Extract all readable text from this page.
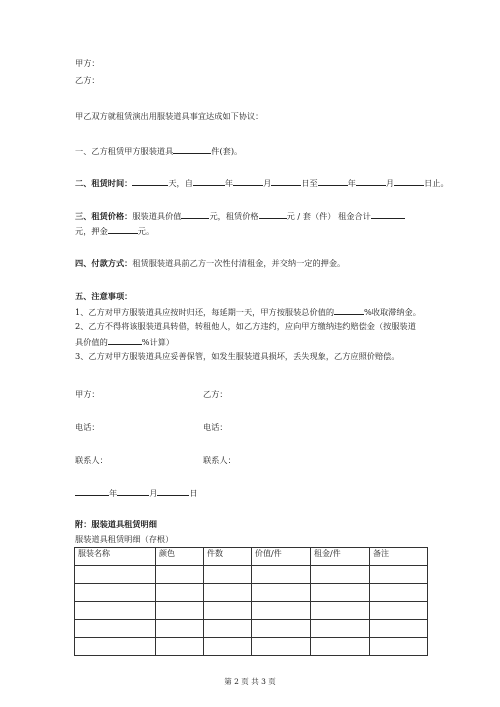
甲方：
乙方：
甲乙双方就租赁演出用服装道具事宜达成如下协议：
一、乙方租赁甲方服装道具	件(套)。
二、租赁时间：	天，自	年	月	日至	年	月	日止。
三、租赁价格：服装道具价值	元，租赁价格	元 / 套（件） 租金合计
元，押金	元。
四、付款方式：租赁服装道具前乙方一次性付清租金，并交纳一定的押金。
五、注意事项：
1、乙方对甲方服装道具应按时归还，每延期一天，甲方按服装总价值的	%收取滞纳金。
2、乙方不得将该服装道具转借，转租他人，如乙方违约，应向甲方缴纳违约赔偿金（按服装道
具价值的	%计算）
3、乙方对甲方服装道具应妥善保管，如发生服装道具损坏，丢失现象，乙方应照价赔偿。
甲方：	乙方：
电话：	电话：
联系人：	联系人：
年	月	日
附：服装道具租赁明细
服装道具租赁明细（存根）
服装名称	颜色	件数	价值/件	租金/件	备注

第 2 页 共 3 页
